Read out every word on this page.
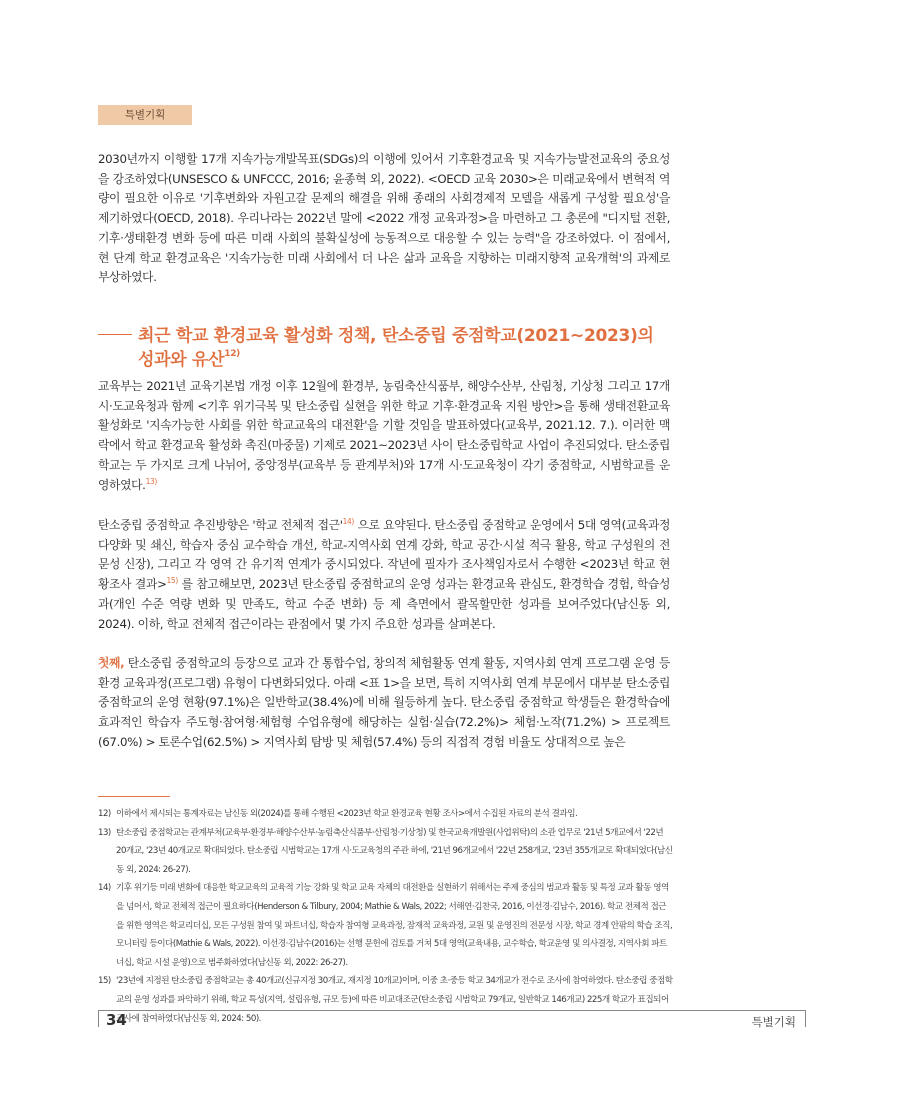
특별기획

2030년까지 이행할 17개 지속가능개발목표(SDGs)의 이행에 있어서 기후환경교육 및 지속가능발전교육의 중요성을 강조하였다(UNSESCO & UNFCCC, 2016; 윤종혁 외, 2022). <OECD 교육 2030>은 미래교육에서 변혁적 역량이 필요한 이유로 '기후변화와 자원고갈 문제의 해결을 위해 종래의 사회경제적 모델을 새롭게 구성할 필요성'을 제기하였다(OECD, 2018). 우리나라는 2022년 말에 <2022 개정 교육과정>을 마련하고 그 총론에 "디지털 전환, 기후·생태환경 변화 등에 따른 미래 사회의 불확실성에 능동적으로 대응할 수 있는 능력"을 강조하였다. 이 점에서, 현 단계 학교 환경교육은 '지속가능한 미래 사회에서 더 나은 삶과 교육을 지향하는 미래지향적 교육개혁'의 과제로 부상하였다.

최근 학교 환경교육 활성화 정책, 탄소중립 중점학교(2021~2023)의
성과와 유산$^{12)}$

교육부는 2021년 교육기본법 개정 이후 12월에 환경부, 농림축산식품부, 해양수산부, 산림청, 기상청 그리고 17개 시·도교육청과 함께 <기후 위기극복 및 탄소중립 실현을 위한 학교 기후·환경교육 지원 방안>을 통해 생태전환교육 활성화로 '지속가능한 사회를 위한 학교교육의 대전환'을 기할 것임을 발표하였다(교육부, 2021.12. 7.). 이러한 맥락에서 학교 환경교육 활성화 촉진(마중물) 기제로 2021~2023년 사이 탄소중립학교 사업이 추진되었다. 탄소중립학교는 두 가지로 크게 나뉘어, 중앙정부(교육부 등 관계부처)와 17개 시·도교육청이 각기 중점학교, 시범학교를 운영하였다.$^{13)}$

탄소중립 중점학교 추진방향은 '학교 전체적 접근'$^{14)}$ 으로 요약된다. 탄소중립 중점학교 운영에서 5대 영역(교육과정 다양화 및 쇄신, 학습자 중심 교수학습 개선, 학교-지역사회 연계 강화, 학교 공간·시설 적극 활용, 학교 구성원의 전문성 신장), 그리고 각 영역 간 유기적 연계가 중시되었다. 작년에 필자가 조사책임자로서 수행한 <2023년 학교 현황조사 결과>$^{15)}$ 를 참고해보면, 2023년 탄소중립 중점학교의 운영 성과는 환경교육 관심도, 환경학습 경험, 학습성과(개인 수준 역량 변화 및 만족도, 학교 수준 변화) 등 제 측면에서 괄목할만한 성과를 보여주었다(남신동 외, 2024). 이하, 학교 전체적 접근이라는 관점에서 몇 가지 주요한 성과를 살펴본다.

첫째, 탄소중립 중점학교의 등장으로 교과 간 통합수업, 창의적 체험활동 연계 활동, 지역사회 연계 프로그램 운영 등 환경 교육과정(프로그램) 유형이 다변화되었다. 아래 <표 1>을 보면, 특히 지역사회 연계 부문에서 대부분 탄소중립 중점학교의 운영 현황(97.1%)은 일반학교(38.4%)에 비해 월등하게 높다. 탄소중립 중점학교 학생들은 환경학습에 효과적인 학습자 주도형·참여형·체험형 수업유형에 해당하는 실험·실습(72.2%)> 체험·노작(71.2%) > 프로젝트(67.0%) > 토론수업(62.5%) > 지역사회 탐방 및 체험(57.4%) 등의 직접적 경험 비율도 상대적으로 높은

12) 이하에서 제시되는 통계자료는 남신동 외(2024)를 통해 수행된 <2023년 학교 환경교육 현황 조사>에서 수집된 자료의 분석 결과임.
13) 탄소중립 중점학교는 관계부처(교육부·환경부·해양수산부·농림축산식품부·산림청·기상청) 및 한국교육개발원(사업위탁)의 소관 업무로 '21년 5개교에서 '22년 20개교, '23년 40개교로 확대되었다. 탄소중립 시범학교는 17개 시·도교육청의 주관 하에, '21년 96개교에서 '22년 258개교, '23년 355개교로 확대되었다(남신동 외, 2024: 26-27).
14) 기후 위기등 미래 변화에 대응한 학교교육의 교육적 기능 강화 및 학교 교육 자체의 대전환을 실현하기 위해서는 주제 중심의 범교과 활동 및 특정 교과 활동 영역을 넘어서, 학교 전체적 접근이 필요하다(Henderson & Tilbury, 2004; Mathie & Wals, 2022; 서해연·김찬국, 2016, 이선경·김남수, 2016). 학교 전체적 접근을 위한 영역은 학교리더십, 모든 구성원 참여 및 파트너십, 학습자 참여형 교육과정, 잠재적 교육과정, 교원 및 운영진의 전문성 시장, 학교 경계 안팎의 학습 조직, 모니터링 등이다(Mathie & Wals, 2022). 이선경·김남수(2016)는 선행 문헌에 검토를 거쳐 5대 영역(교육내용, 교수학습, 학교운영 및 의사결정, 지역사회 파트너십, 학교 시설 운영)으로 범주화하였다(남신동 외, 2022: 26-27).
15) '23년에 지정된 탄소중립 중점학교는 총 40개교(신규지정 30개교, 재지정 10개교)이며, 이중 초·중등 학교 34개교가 전수로 조사에 참여하였다. 탄소중립 중점학교의 운영 성과를 파악하기 위해, 학교 특성(지역, 설립유형, 규모 등)에 따른 비교대조군(탄소중립 시범학교 79개교, 일반학교 146개교) 225개 학교가 표집되어 조사에 참여하였다(남신동 외, 2024: 50).
34	특별기획
